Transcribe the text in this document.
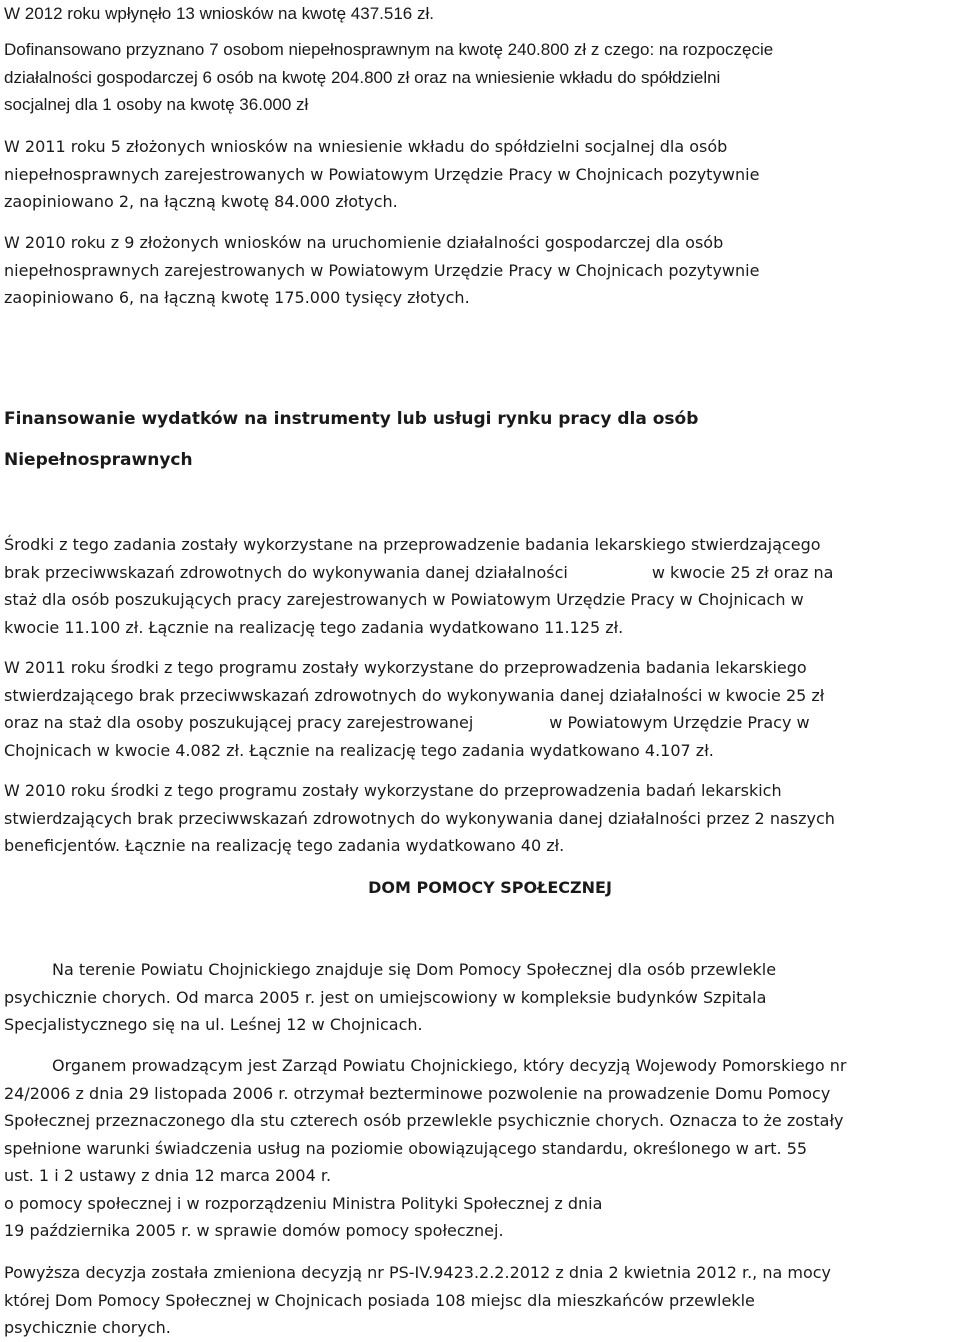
W 2012 roku wpłynęło 13 wniosków na kwotę 437.516 zł.

Dofinansowano przyznano 7 osobom niepełnosprawnym na kwotę 240.800 zł z czego: na rozpoczęcie
działalności gospodarczej 6 osób na kwotę 204.800 zł oraz na wniesienie wkładu do spółdzielni
socjalnej dla 1 osoby na kwotę 36.000 zł

W 2011 roku 5 złożonych wniosków na wniesienie wkładu do spółdzielni socjalnej dla osób
niepełnosprawnych zarejestrowanych w Powiatowym Urzędzie Pracy w Chojnicach pozytywnie
zaopiniowano 2, na łączną kwotę 84.000 złotych.

W 2010 roku z 9 złożonych wniosków na uruchomienie działalności gospodarczej dla osób
niepełnosprawnych zarejestrowanych w Powiatowym Urzędzie Pracy w Chojnicach pozytywnie
zaopiniowano 6, na łączną kwotę 175.000 tysięcy złotych.

Finansowanie wydatków na instrumenty lub usługi rynku pracy dla osób

Niepełnosprawnych

Środki z tego zadania zostały wykorzystane na przeprowadzenie badania lekarskiego stwierdzającego
brak przeciwwskazań zdrowotnych do wykonywania danej działalności	w kwocie 25 zł oraz na
staż dla osób poszukujących pracy zarejestrowanych w Powiatowym Urzędzie Pracy w Chojnicach w
kwocie 11.100 zł. Łącznie na realizację tego zadania wydatkowano 11.125 zł.

W 2011 roku środki z tego programu zostały wykorzystane do przeprowadzenia badania lekarskiego
stwierdzającego brak przeciwwskazań zdrowotnych do wykonywania danej działalności w kwocie 25 zł
oraz na staż dla osoby poszukującej pracy zarejestrowanej	w Powiatowym Urzędzie Pracy w
Chojnicach w kwocie 4.082 zł. Łącznie na realizację tego zadania wydatkowano 4.107 zł.

W 2010 roku środki z tego programu zostały wykorzystane do przeprowadzenia badań lekarskich
stwierdzających brak przeciwwskazań zdrowotnych do wykonywania danej działalności przez 2 naszych
beneficjentów. Łącznie na realizację tego zadania wydatkowano 40 zł.

DOM POMOCY SPOŁECZNEJ

Na terenie Powiatu Chojnickiego znajduje się Dom Pomocy Społecznej dla osób przewlekle
psychicznie chorych. Od marca 2005 r. jest on umiejscowiony w kompleksie budynków Szpitala
Specjalistycznego się na ul. Leśnej 12 w Chojnicach.

Organem prowadzącym jest Zarząd Powiatu Chojnickiego, który decyzją Wojewody Pomorskiego nr
24/2006 z dnia 29 listopada 2006 r. otrzymał bezterminowe pozwolenie na prowadzenie Domu Pomocy
Społecznej przeznaczonego dla stu czterech osób przewlekle psychicznie chorych. Oznacza to że zostały
spełnione warunki świadczenia usług na poziomie obowiązującego standardu, określonego w art. 55
ust. 1 i 2 ustawy z dnia 12 marca 2004 r.
o pomocy społecznej i w rozporządzeniu Ministra Polityki Społecznej z dnia
19 października 2005 r. w sprawie domów pomocy społecznej.

Powyższa decyzja została zmieniona decyzją nr PS-IV.9423.2.2.2012 z dnia 2 kwietnia 2012 r., na mocy
której Dom Pomocy Społecznej w Chojnicach posiada 108 miejsc dla mieszkańców przewlekle
psychicznie chorych.
